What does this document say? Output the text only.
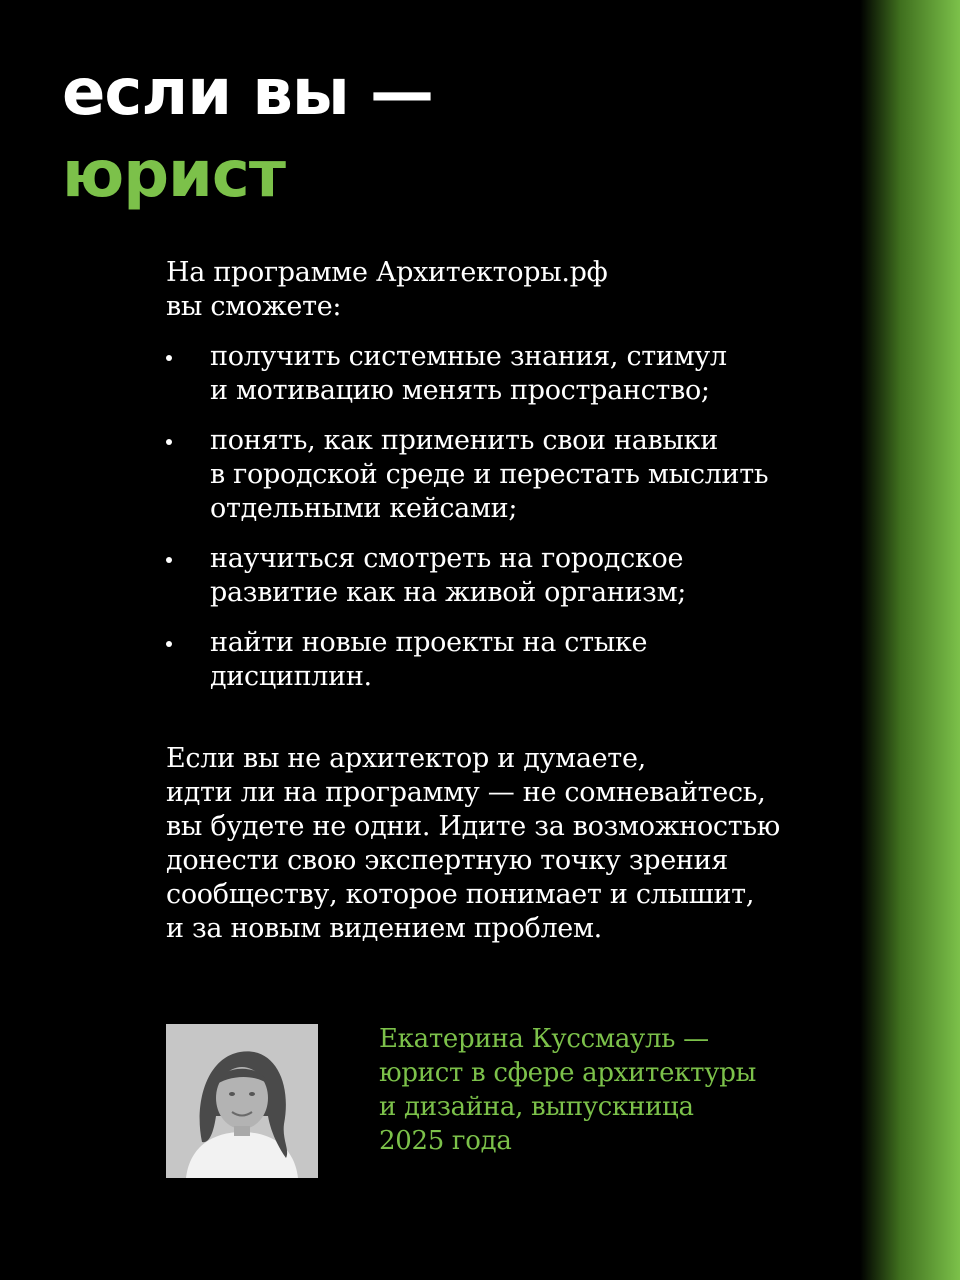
если вы —
юрист
На программе Архитекторы.рф
вы сможете:
получить системные знания, стимул
и мотивацию менять пространство;
понять, как применить свои навыки
в городской среде и перестать мыслить
отдельными кейсами;
научиться смотреть на городское
развитие как на живой организм;
найти новые проекты на стыке
дисциплин.
Если вы не архитектор и думаете,
идти ли на программу — не сомневайтесь,
вы будете не одни. Идите за возможностью
донести свою экспертную точку зрения
сообществу, которое понимает и слышит,
и за новым видением проблем.
Екатерина Куссмауль —
юрист в сфере архитектуры
и дизайна, выпускница
2025 года
